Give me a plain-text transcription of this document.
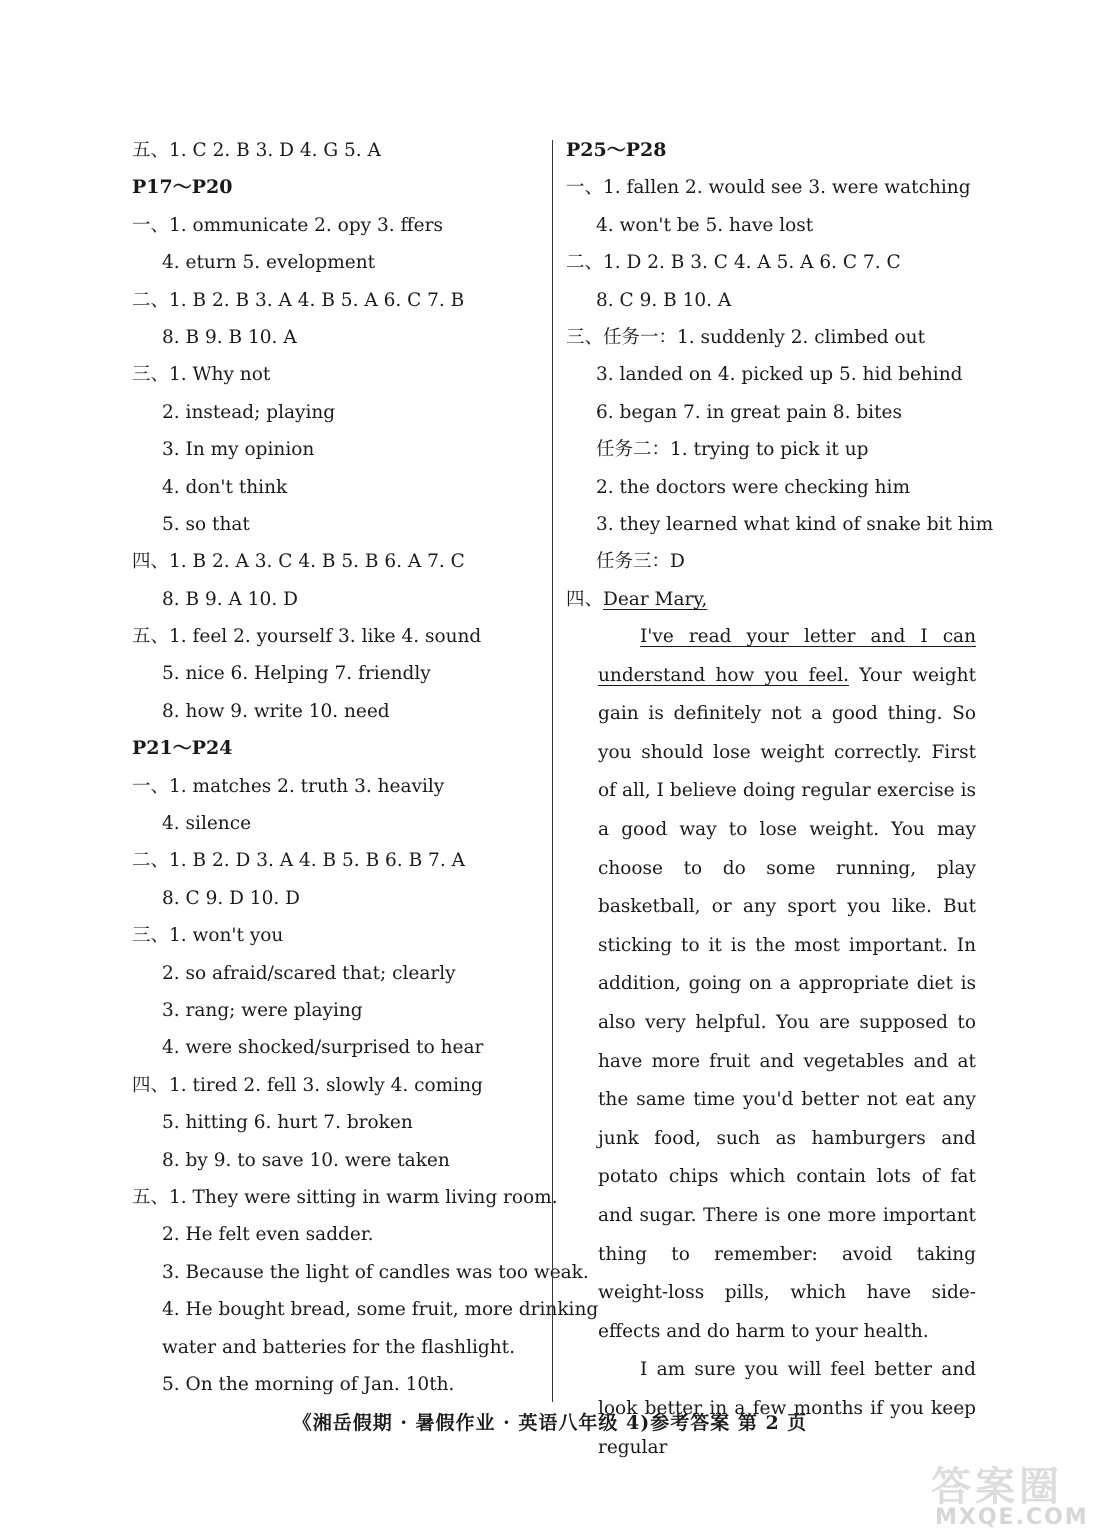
五、1. C 2. B 3. D 4. G 5. A
P17～P20
一、1. ommunicate 2. opy 3. ffers
4. eturn 5. evelopment
二、1. B 2. B 3. A 4. B 5. A 6. C 7. B
8. B 9. B 10. A
三、1. Why not
2. instead; playing
3. In my opinion
4. don't think
5. so that
四、1. B 2. A 3. C 4. B 5. B 6. A 7. C
8. B 9. A 10. D
五、1. feel 2. yourself 3. like 4. sound
5. nice 6. Helping 7. friendly
8. how 9. write 10. need
P21～P24
一、1. matches 2. truth 3. heavily
4. silence
二、1. B 2. D 3. A 4. B 5. B 6. B 7. A
8. C 9. D 10. D
三、1. won't you
2. so afraid/scared that; clearly
3. rang; were playing
4. were shocked/surprised to hear
四、1. tired 2. fell 3. slowly 4. coming
5. hitting 6. hurt 7. broken
8. by 9. to save 10. were taken
五、1. They were sitting in warm living room.
2. He felt even sadder.
3. Because the light of candles was too weak.
4. He bought bread, some fruit, more drinking
water and batteries for the flashlight.
5. On the morning of Jan. 10th.
P25～P28
一、1. fallen 2. would see 3. were watching
4. won't be 5. have lost
二、1. D 2. B 3. C 4. A 5. A 6. C 7. C
8. C 9. B 10. A
三、任务一：1. suddenly 2. climbed out
3. landed on 4. picked up 5. hid behind
6. began 7. in great pain 8. bites
任务二：1. trying to pick it up
2. the doctors were checking him
3. they learned what kind of snake bit him
任务三：D
四、Dear Mary,
I've read your letter and I can understand how you feel. Your weight gain is definitely not a good thing. So you should lose weight correctly. First of all, I believe doing regular exercise is a good way to lose weight. You may choose to do some running, play basketball, or any sport you like. But sticking to it is the most important. In addition, going on a appropriate diet is also very helpful. You are supposed to have more fruit and vegetables and at the same time you'd better not eat any junk food, such as hamburgers and potato chips which contain lots of fat and sugar. There is one more important thing to remember: avoid taking weight-loss pills, which have side-effects and do harm to your health.
I am sure you will feel better and look better in a few months if you keep regular
《湘岳假期 · 暑假作业 · 英语八年级 4)参考答案 第 2 页
答案圈
MXQE.COM
